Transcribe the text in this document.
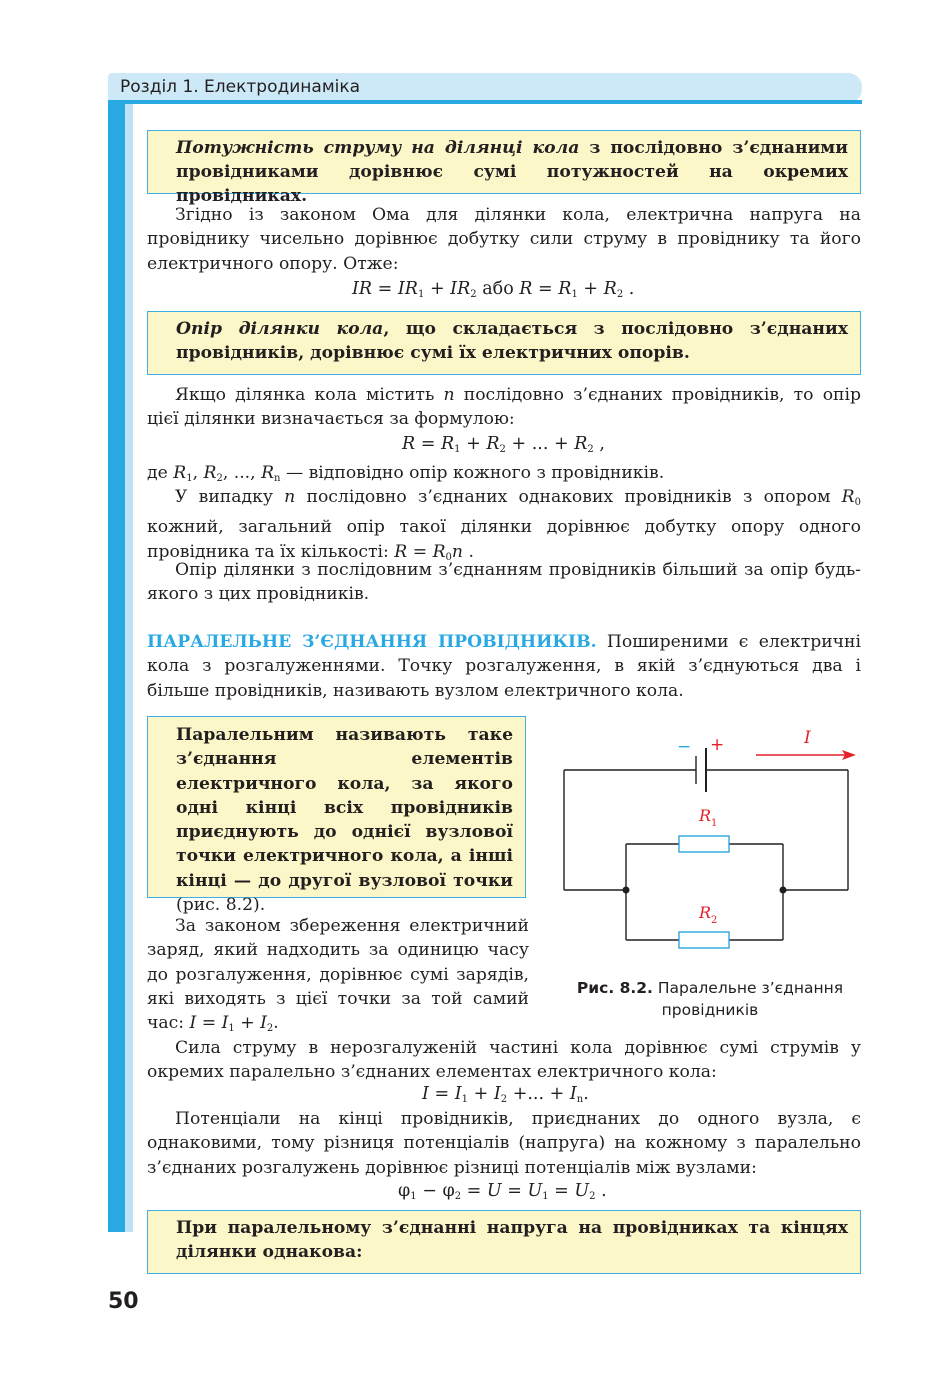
Розділ 1. Електродинаміка
Потужність струму на ділянці кола з послідовно з’єднаними провідниками дорівнює сумі потужностей на окремих провідниках.
Згідно із законом Ома для ділянки кола, електрична напруга на провіднику чисельно дорівнює добутку сили струму в провіднику та його електричного опору. Отже:
IR = $IR_1 + IR_2$ або $R = R_1 + R_2$ .
Опір ділянки кола, що складається з послідовно з’єднаних провідників, дорівнює сумі їх електричних опорів.
Якщо ділянка кола містить n послідовно з’єднаних провідників, то опір цієї ділянки визначається за формулою:
$R = R_1 + R_2$ + ... + $R_2$ ,
де $R_1$, $R_2$, ..., $R_n$ — відповідно опір кожного з провідників.
У випадку n послідовно з’єднаних однакових провідників з опором $R_0$ кожний, загальний опір такої ділянки дорівнює добутку опору одного провідника та їх кількості: $R = R_0n$ .
Опір ділянки з послідовним з’єднанням провідників більший за опір будь-якого з цих провідників.
ПАРАЛЕЛЬНЕ З’ЄДНАННЯ ПРОВІДНИКІВ. Поширеними є електричні кола з розгалуженнями. Точку розгалуження, в якій з’єднуються два і більше провідників, називають вузлом електричного кола.
Паралельним називають таке з’єднання елементів електричного кола, за якого одні кінці всіх провідників приєднують до однієї вузлової точки електричного кола, а інші кінці — до другої вузлової точки (рис. 8.2).
− +	I
$R_1$
$R_2$
Рис. 8.2. Паралельне з’єднання провідників
За законом збереження електричний заряд, який надходить за одиницю часу до розгалуження, дорівнює сумі зарядів, які виходять з цієї точки за той самий час: $I = I_1 + I_2$.
Сила струму в нерозгалуженій частині кола дорівнює сумі струмів у окремих паралельно з’єднаних елементах електричного кола:
$I = I_1 + I_2$ +... + $I_n$.
Потенціали на кінці провідників, приєднаних до одного вузла, є однаковими, тому різниця потенціалів (напруга) на кожному з паралельно з’єднаних розгалужень дорівнює різниці потенціалів між вузлами:
$\varphi_1 - \varphi_2 = U = U_1 = U_2$ .
При паралельному з’єднанні напруга на провідниках та кінцях ділянки однакова:
50
